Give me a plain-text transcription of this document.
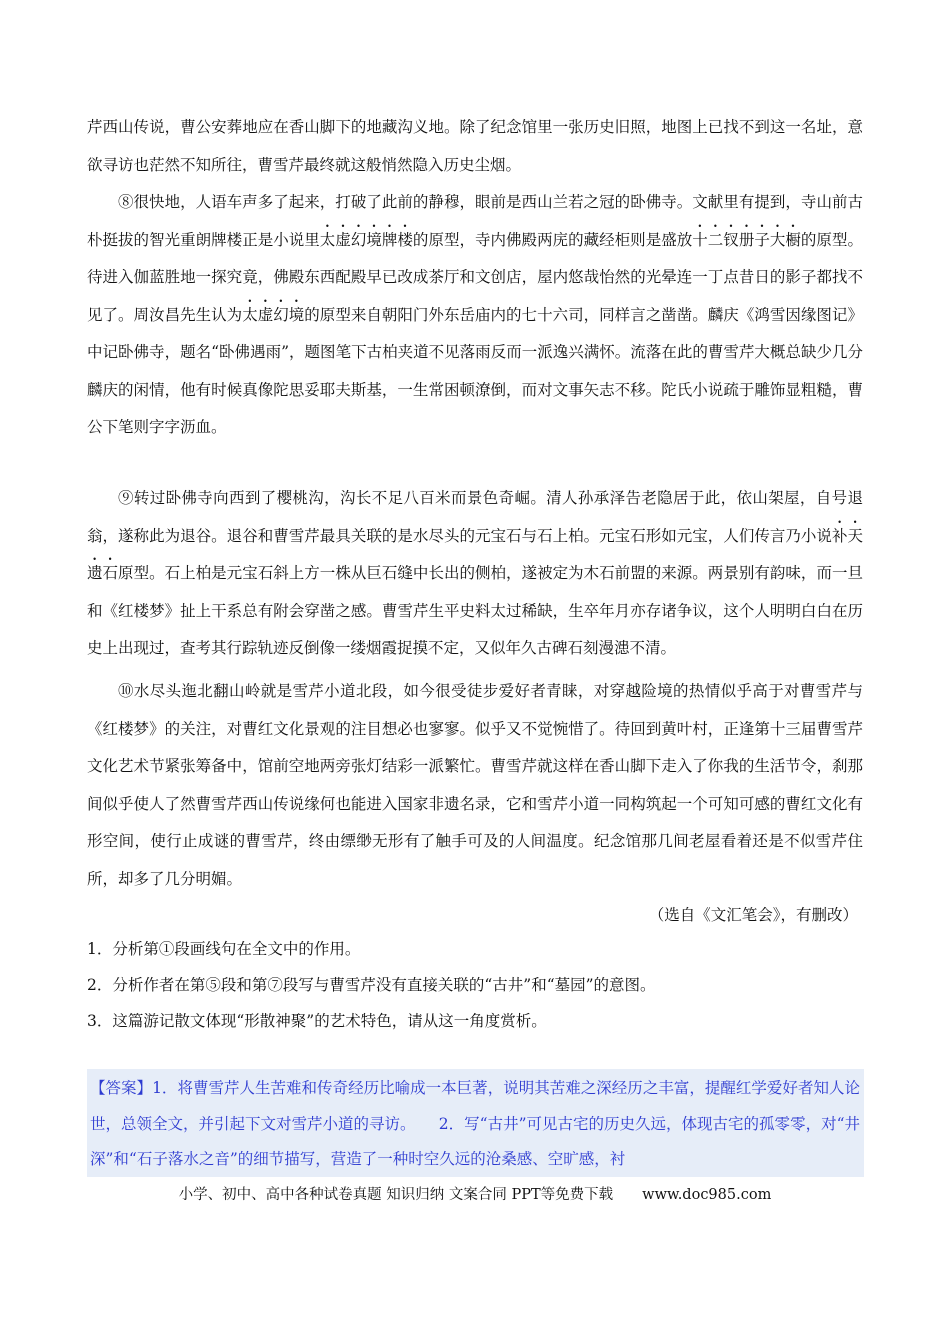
芹西山传说，曹公安葬地应在香山脚下的地藏沟义地。除了纪念馆里一张历史旧照，地图上已找不到这一名址，意欲寻访也茫然不知所往，曹雪芹最终就这般悄然隐入历史尘烟。

⑧很快地，人语车声多了起来，打破了此前的静穆，眼前是西山兰若之冠的卧佛寺。文献里有提到，寺山前古朴挺拔的智光重朗牌楼正是小说里太虚幻境牌楼的原型，寺内佛殿两庑的藏经柜则是盛放十二钗册子大橱的原型。待进入伽蓝胜地一探究竟，佛殿东西配殿早已改成茶厅和文创店，屋内悠哉怡然的光晕连一丁点昔日的影子都找不见了。周汝昌先生认为太虚幻境的原型来自朝阳门外东岳庙内的七十六司，同样言之凿凿。麟庆《鸿雪因缘图记》中记卧佛寺，题名“卧佛遇雨”，题图笔下古柏夹道不见落雨反而一派逸兴满怀。流落在此的曹雪芹大概总缺少几分麟庆的闲情，他有时候真像陀思妥耶夫斯基，一生常困顿潦倒，而对文事矢志不移。陀氏小说疏于雕饰显粗糙，曹公下笔则字字沥血。

⑨转过卧佛寺向西到了樱桃沟，沟长不足八百米而景色奇崛。清人孙承泽告老隐居于此，依山架屋，自号退翁，遂称此为退谷。退谷和曹雪芹最具关联的是水尽头的元宝石与石上柏。元宝石形如元宝，人们传言乃小说补天遗石原型。石上柏是元宝石斜上方一株从巨石缝中长出的侧柏，遂被定为木石前盟的来源。两景别有韵味，而一旦和《红楼梦》扯上干系总有附会穿凿之感。曹雪芹生平史料太过稀缺，生卒年月亦存诸争议，这个人明明白白在历史上出现过，查考其行踪轨迹反倒像一缕烟霞捉摸不定，又似年久古碑石刻漫漶不清。

⑩水尽头迤北翻山岭就是雪芹小道北段，如今很受徒步爱好者青睐，对穿越险境的热情似乎高于对曹雪芹与《红楼梦》的关注，对曹红文化景观的注目想必也寥寥。似乎又不觉惋惜了。待回到黄叶村，正逢第十三届曹雪芹文化艺术节紧张筹备中，馆前空地两旁张灯结彩一派繁忙。曹雪芹就这样在香山脚下走入了你我的生活节令，刹那间似乎使人了然曹雪芹西山传说缘何也能进入国家非遗名录，它和雪芹小道一同构筑起一个可知可感的曹红文化有形空间，使行止成谜的曹雪芹，终由缥缈无形有了触手可及的人间温度。纪念馆那几间老屋看着还是不似雪芹住所，却多了几分明媚。

（选自《文汇笔会》，有删改）

1．分析第①段画线句在全文中的作用。

2．分析作者在第⑤段和第⑦段写与曹雪芹没有直接关联的“古井”和“墓园”的意图。

3．这篇游记散文体现“形散神聚”的艺术特色，请从这一角度赏析。

【答案】1．将曹雪芹人生苦难和传奇经历比喻成一本巨著，说明其苦难之深经历之丰富，提醒红学爱好者知人论世，总领全文，并引起下文对雪芹小道的寻访。　　2．写“古井”可见古宅的历史久远，体现古宅的孤零零，对“井深”和“石子落水之音”的细节描写，营造了一种时空久远的沧桑感、空旷感，衬

小学、初中、高中各种试卷真题 知识归纳 文案合同 PPT等免费下载　　www.doc985.com
